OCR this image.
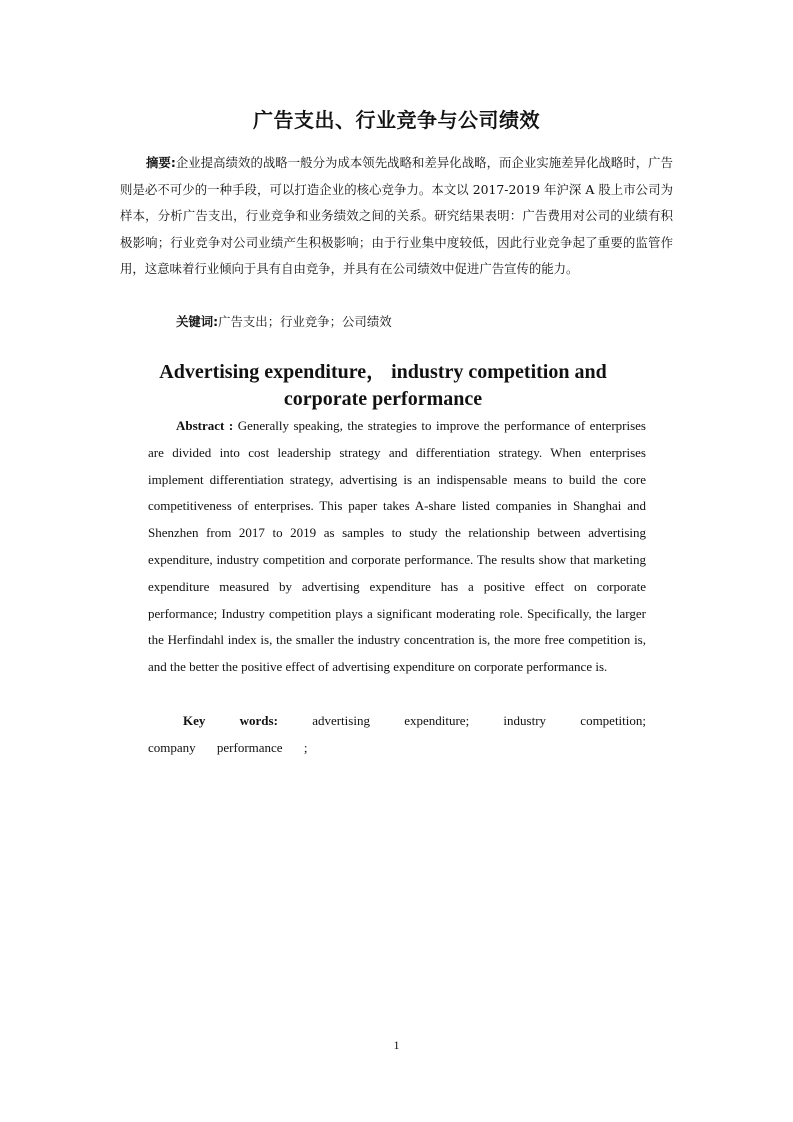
广告支出、行业竞争与公司绩效
摘要:企业提高绩效的战略一般分为成本领先战略和差异化战略，而企业实施差异化战略时，广告则是必不可少的一种手段，可以打造企业的核心竞争力。本文以 2017-2019 年沪深 A 股上市公司为样本，分析广告支出，行业竞争和业务绩效之间的关系。研究结果表明：广告费用对公司的业绩有积极影响；行业竞争对公司业绩产生积极影响；由于行业集中度较低，因此行业竞争起了重要的监管作用，这意味着行业倾向于具有自由竞争，并具有在公司绩效中促进广告宣传的能力。
关键词:广告支出；行业竞争；公司绩效
Advertising expenditure， industry competition and
corporate performance
Abstract : Generally speaking, the strategies to improve the performance of enterprises are divided into cost leadership strategy and differentiation strategy. When enterprises implement differentiation strategy, advertising is an indispensable means to build the core competitiveness of enterprises. This paper takes A-share listed companies in Shanghai and Shenzhen from 2017 to 2019 as samples to study the relationship between advertising expenditure, industry competition and corporate performance. The results show that marketing expenditure measured by advertising expenditure has a positive effect on corporate performance; Industry competition plays a significant moderating role. Specifically, the larger the Herfindahl index is, the smaller the industry concentration is, the more free competition is, and the better the positive effect of advertising expenditure on corporate performance is.
Key words:	advertising expenditure; industry competition; company performance ;
1
